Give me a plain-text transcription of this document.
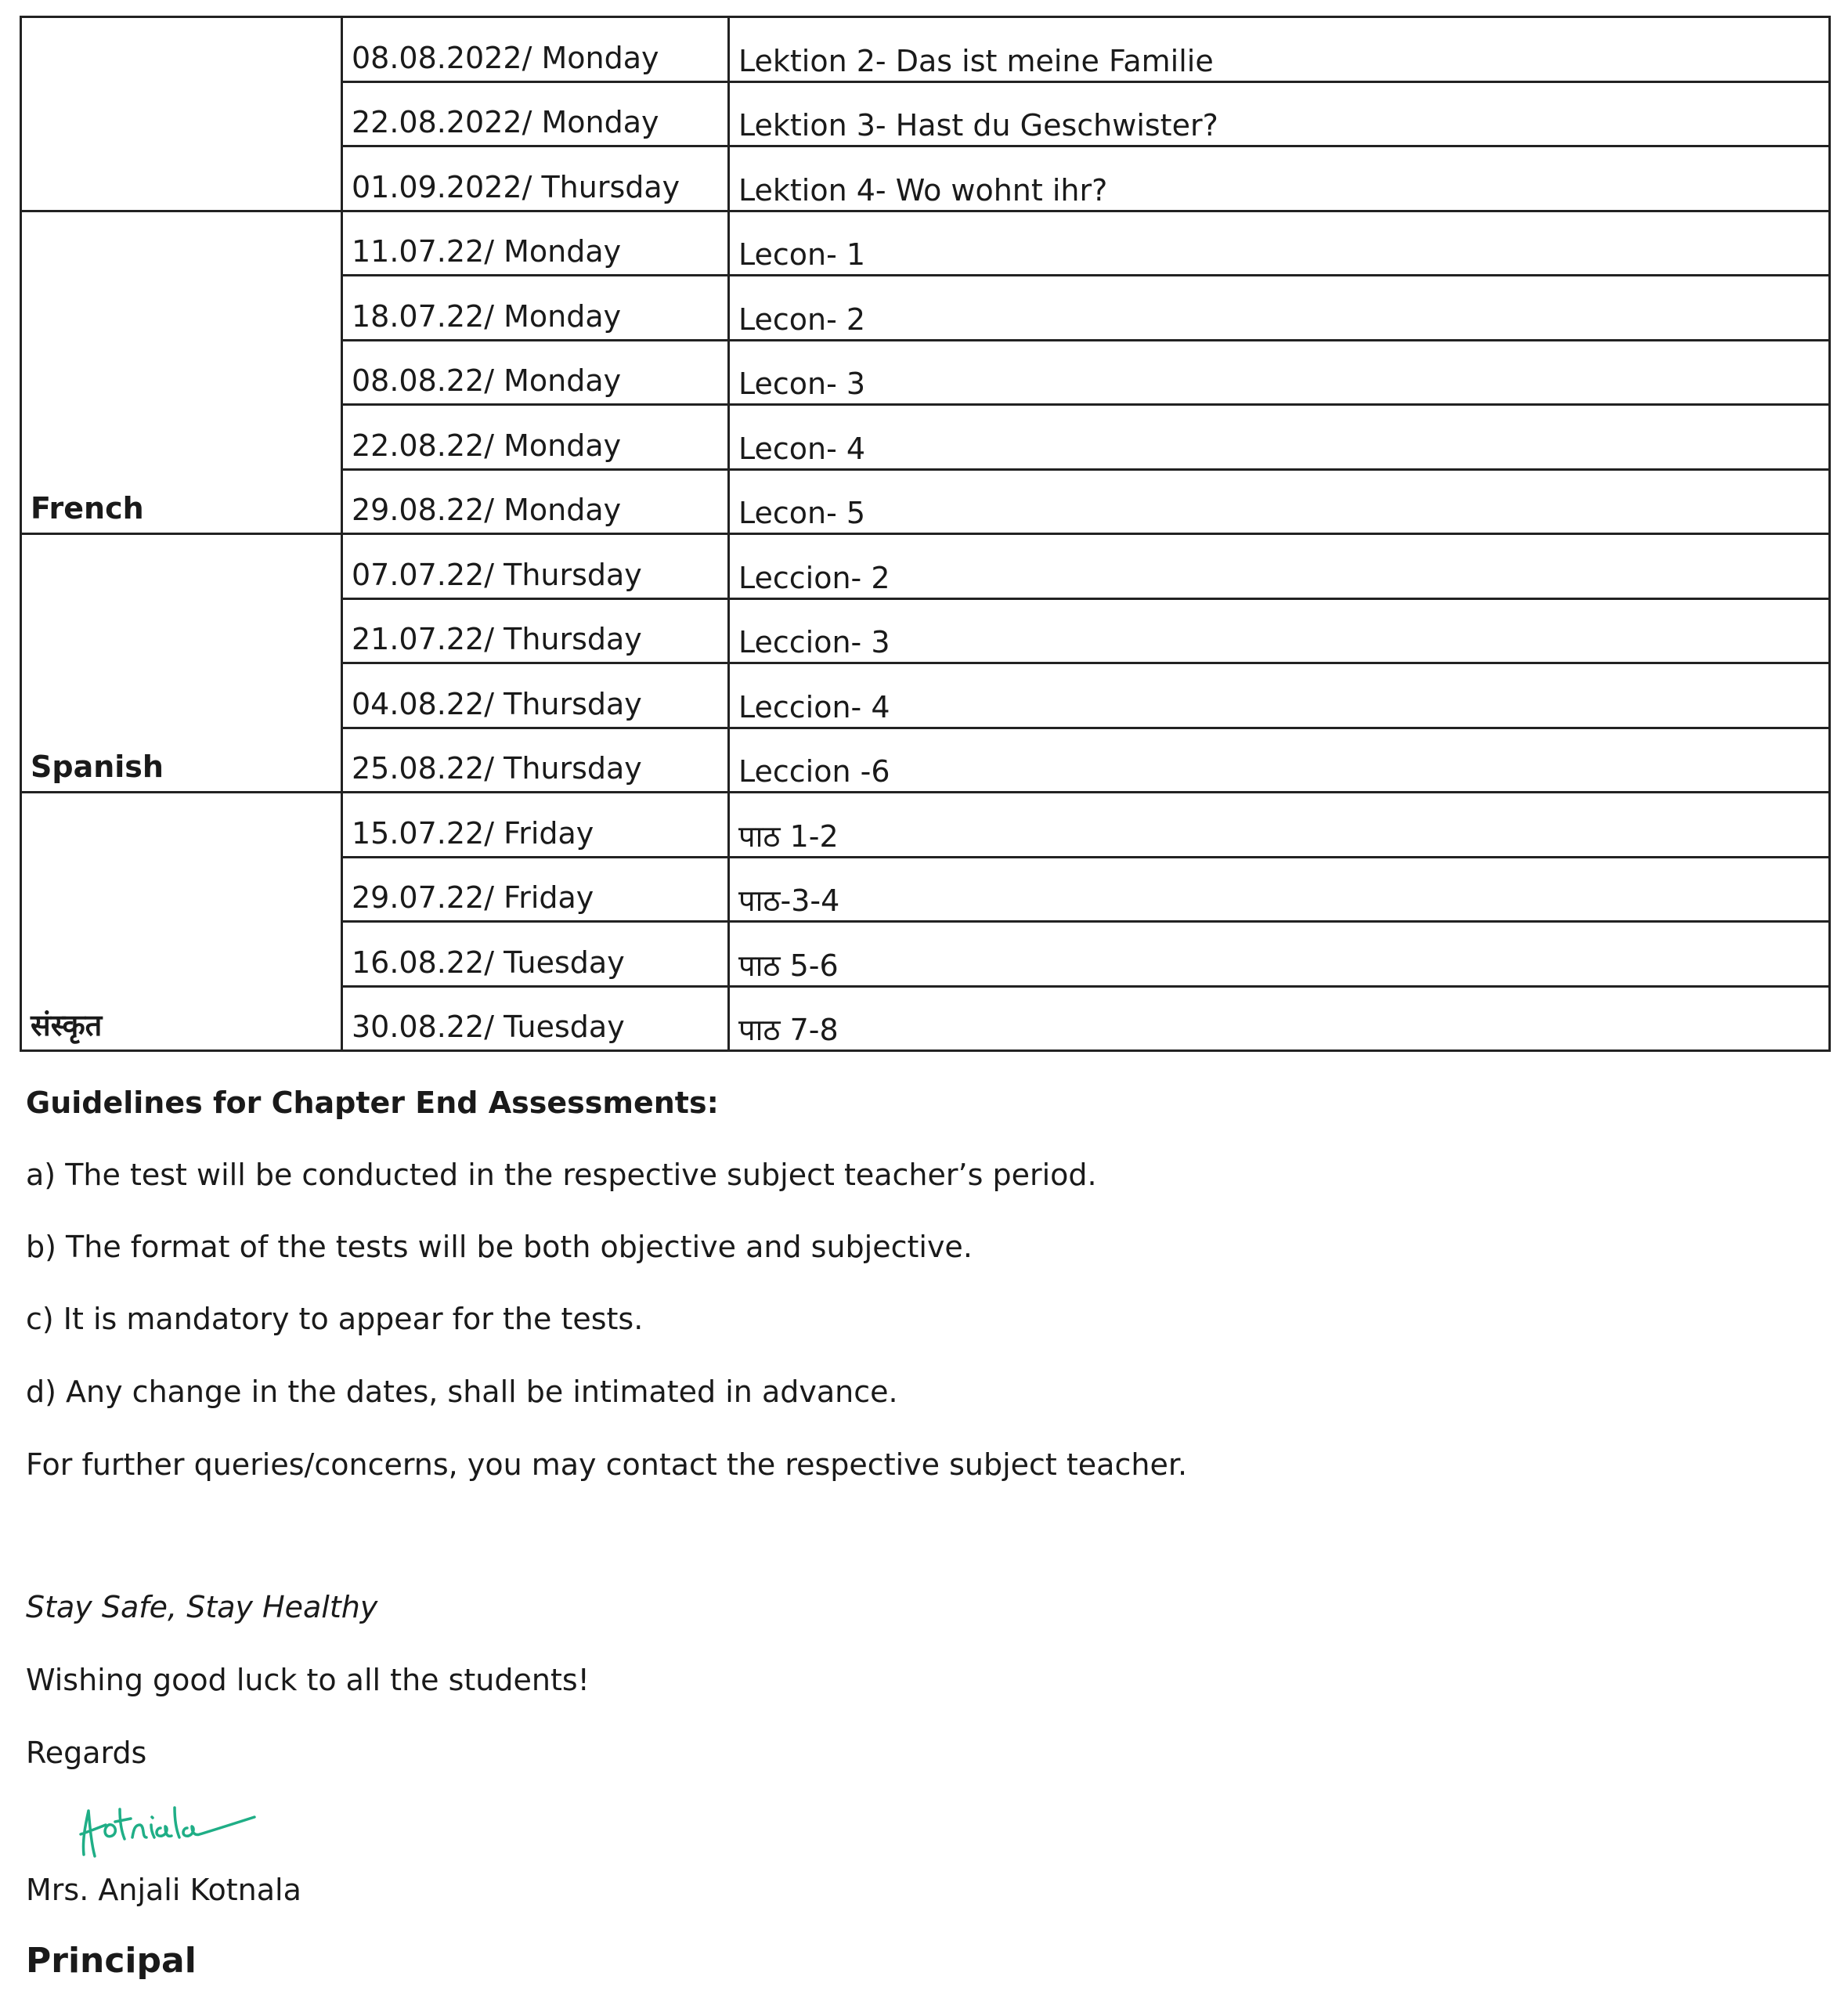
	08.08.2022/ Monday	Lektion 2- Das ist meine Familie
	22.08.2022/ Monday	Lektion 3- Hast du Geschwister?
	01.09.2022/ Thursday	Lektion 4- Wo wohnt ihr?
French	11.07.22/ Monday	Lecon- 1
	18.07.22/ Monday	Lecon- 2
	08.08.22/ Monday	Lecon- 3
	22.08.22/ Monday	Lecon- 4
	29.08.22/ Monday	Lecon- 5
Spanish	07.07.22/ Thursday	Leccion- 2
	21.07.22/ Thursday	Leccion- 3
	04.08.22/ Thursday	Leccion- 4
	25.08.22/ Thursday	Leccion -6
संस्कृत	15.07.22/ Friday	पाठ 1-2
	29.07.22/ Friday	पाठ-3-4
	16.08.22/ Tuesday	पाठ 5-6
	30.08.22/ Tuesday	पाठ 7-8
Guidelines for Chapter End Assessments:
a) The test will be conducted in the respective subject teacher’s period.
b) The format of the tests will be both objective and subjective.
c) It is mandatory to appear for the tests.
d) Any change in the dates, shall be intimated in advance.
For further queries/concerns, you may contact the respective subject teacher.
Stay Safe, Stay Healthy
Wishing good luck to all the students!
Regards
Mrs. Anjali Kotnala
Principal
